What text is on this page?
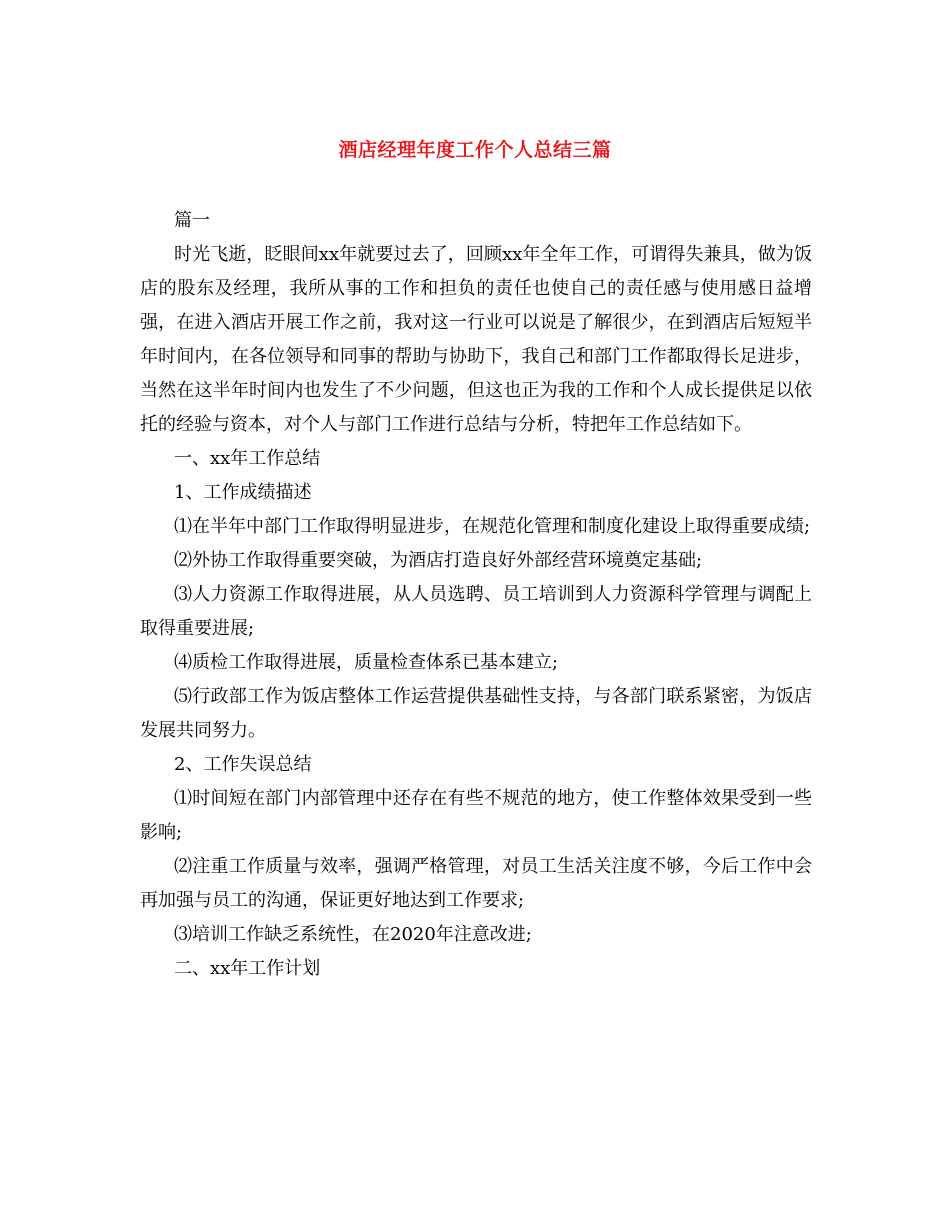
酒店经理年度工作个人总结三篇

篇一

时光飞逝，眨眼间xx年就要过去了，回顾xx年全年工作，可谓得失兼具，做为饭店的股东及经理，我所从事的工作和担负的责任也使自己的责任感与使用感日益增强，在进入酒店开展工作之前，我对这一行业可以说是了解很少，在到酒店后短短半年时间内，在各位领导和同事的帮助与协助下，我自己和部门工作都取得长足进步，当然在这半年时间内也发生了不少问题，但这也正为我的工作和个人成长提供足以依托的经验与资本，对个人与部门工作进行总结与分析，特把年工作总结如下。

一、xx年工作总结

1、工作成绩描述

⑴在半年中部门工作取得明显进步，在规范化管理和制度化建设上取得重要成绩;

⑵外协工作取得重要突破，为酒店打造良好外部经营环境奠定基础;

⑶人力资源工作取得进展，从人员选聘、员工培训到人力资源科学管理与调配上取得重要进展;

⑷质检工作取得进展，质量检查体系已基本建立;

⑸行政部工作为饭店整体工作运营提供基础性支持，与各部门联系紧密，为饭店发展共同努力。

2、工作失误总结

⑴时间短在部门内部管理中还存在有些不规范的地方，使工作整体效果受到一些影响;

⑵注重工作质量与效率，强调严格管理，对员工生活关注度不够，今后工作中会再加强与员工的沟通，保证更好地达到工作要求;

⑶培训工作缺乏系统性，在2020年注意改进;

二、xx年工作计划
